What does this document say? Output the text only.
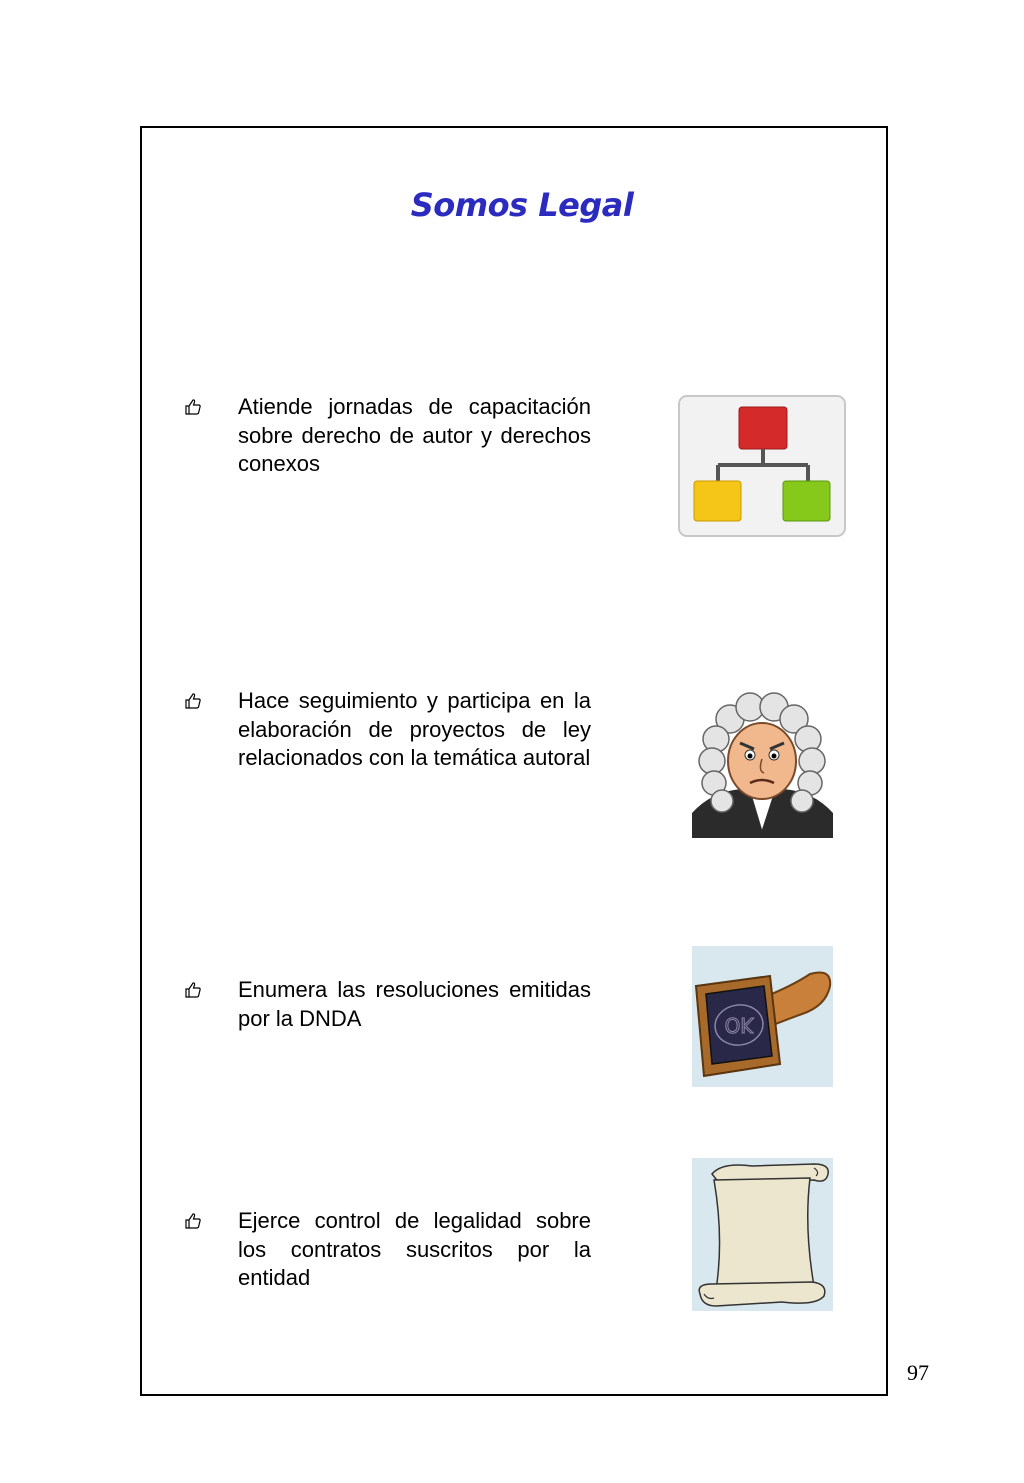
Somos Legal
Atiende jornadas de capacitación sobre derecho de autor y derechos conexos
Hace seguimiento y participa en la elaboración de proyectos de ley relacionados con la temática autoral
Enumera las resoluciones emitidas por la DNDA	OK
Ejerce control de legalidad sobre los contratos suscritos por la entidad
97
